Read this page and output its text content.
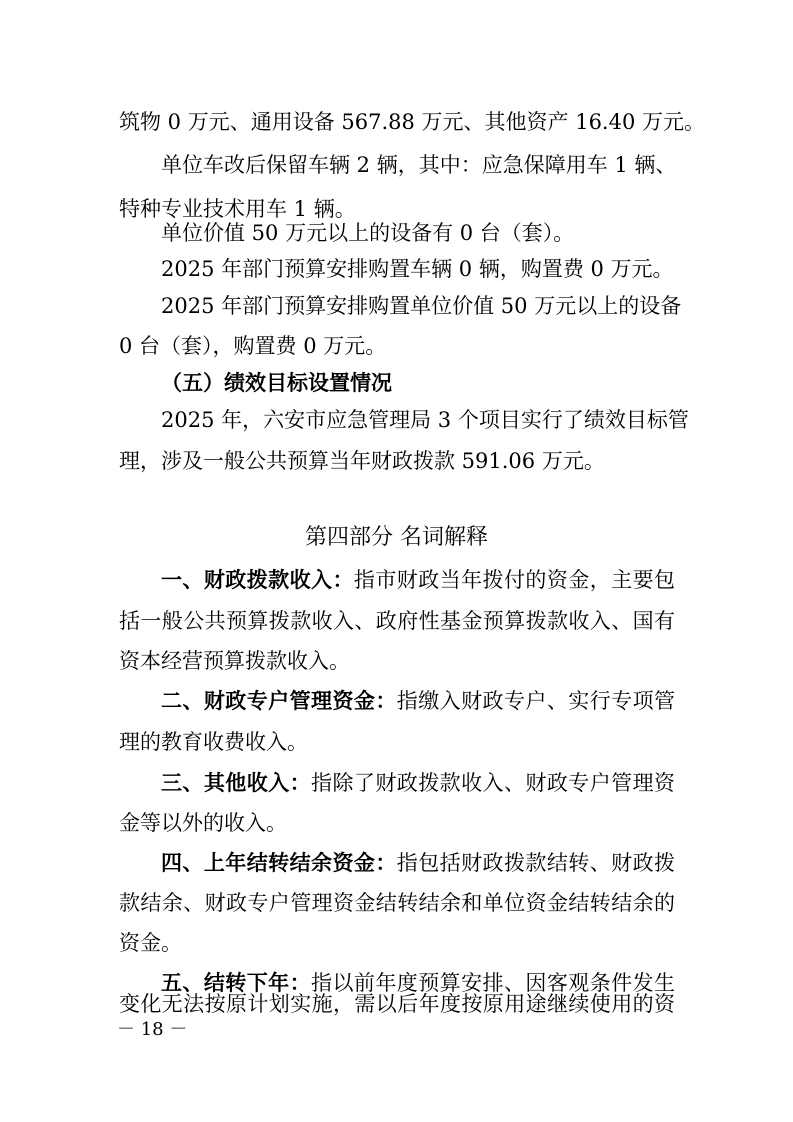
筑物 0 万元、通用设备 567.88 万元、其他资产 16.40 万元。
单位车改后保留车辆 2 辆，其中：应急保障用车 1 辆、
特种专业技术用车 1 辆。
单位价值 50 万元以上的设备有 0 台（套）。
2025 年部门预算安排购置车辆 0 辆，购置费 0 万元。
2025 年部门预算安排购置单位价值 50 万元以上的设备
0 台（套），购置费 0 万元。
（五）绩效目标设置情况
2025 年，六安市应急管理局 3 个项目实行了绩效目标管
理，涉及一般公共预算当年财政拨款 591.06 万元。
第四部分 名词解释
一、财政拨款收入：指市财政当年拨付的资金，主要包
括一般公共预算拨款收入、政府性基金预算拨款收入、国有
资本经营预算拨款收入。
二、财政专户管理资金：指缴入财政专户、实行专项管
理的教育收费收入。
三、其他收入：指除了财政拨款收入、财政专户管理资
金等以外的收入。
四、上年结转结余资金：指包括财政拨款结转、财政拨
款结余、财政专户管理资金结转结余和单位资金结转结余的
资金。
五、结转下年：指以前年度预算安排、因客观条件发生
变化无法按原计划实施，需以后年度按原用途继续使用的资
－ 18 －
